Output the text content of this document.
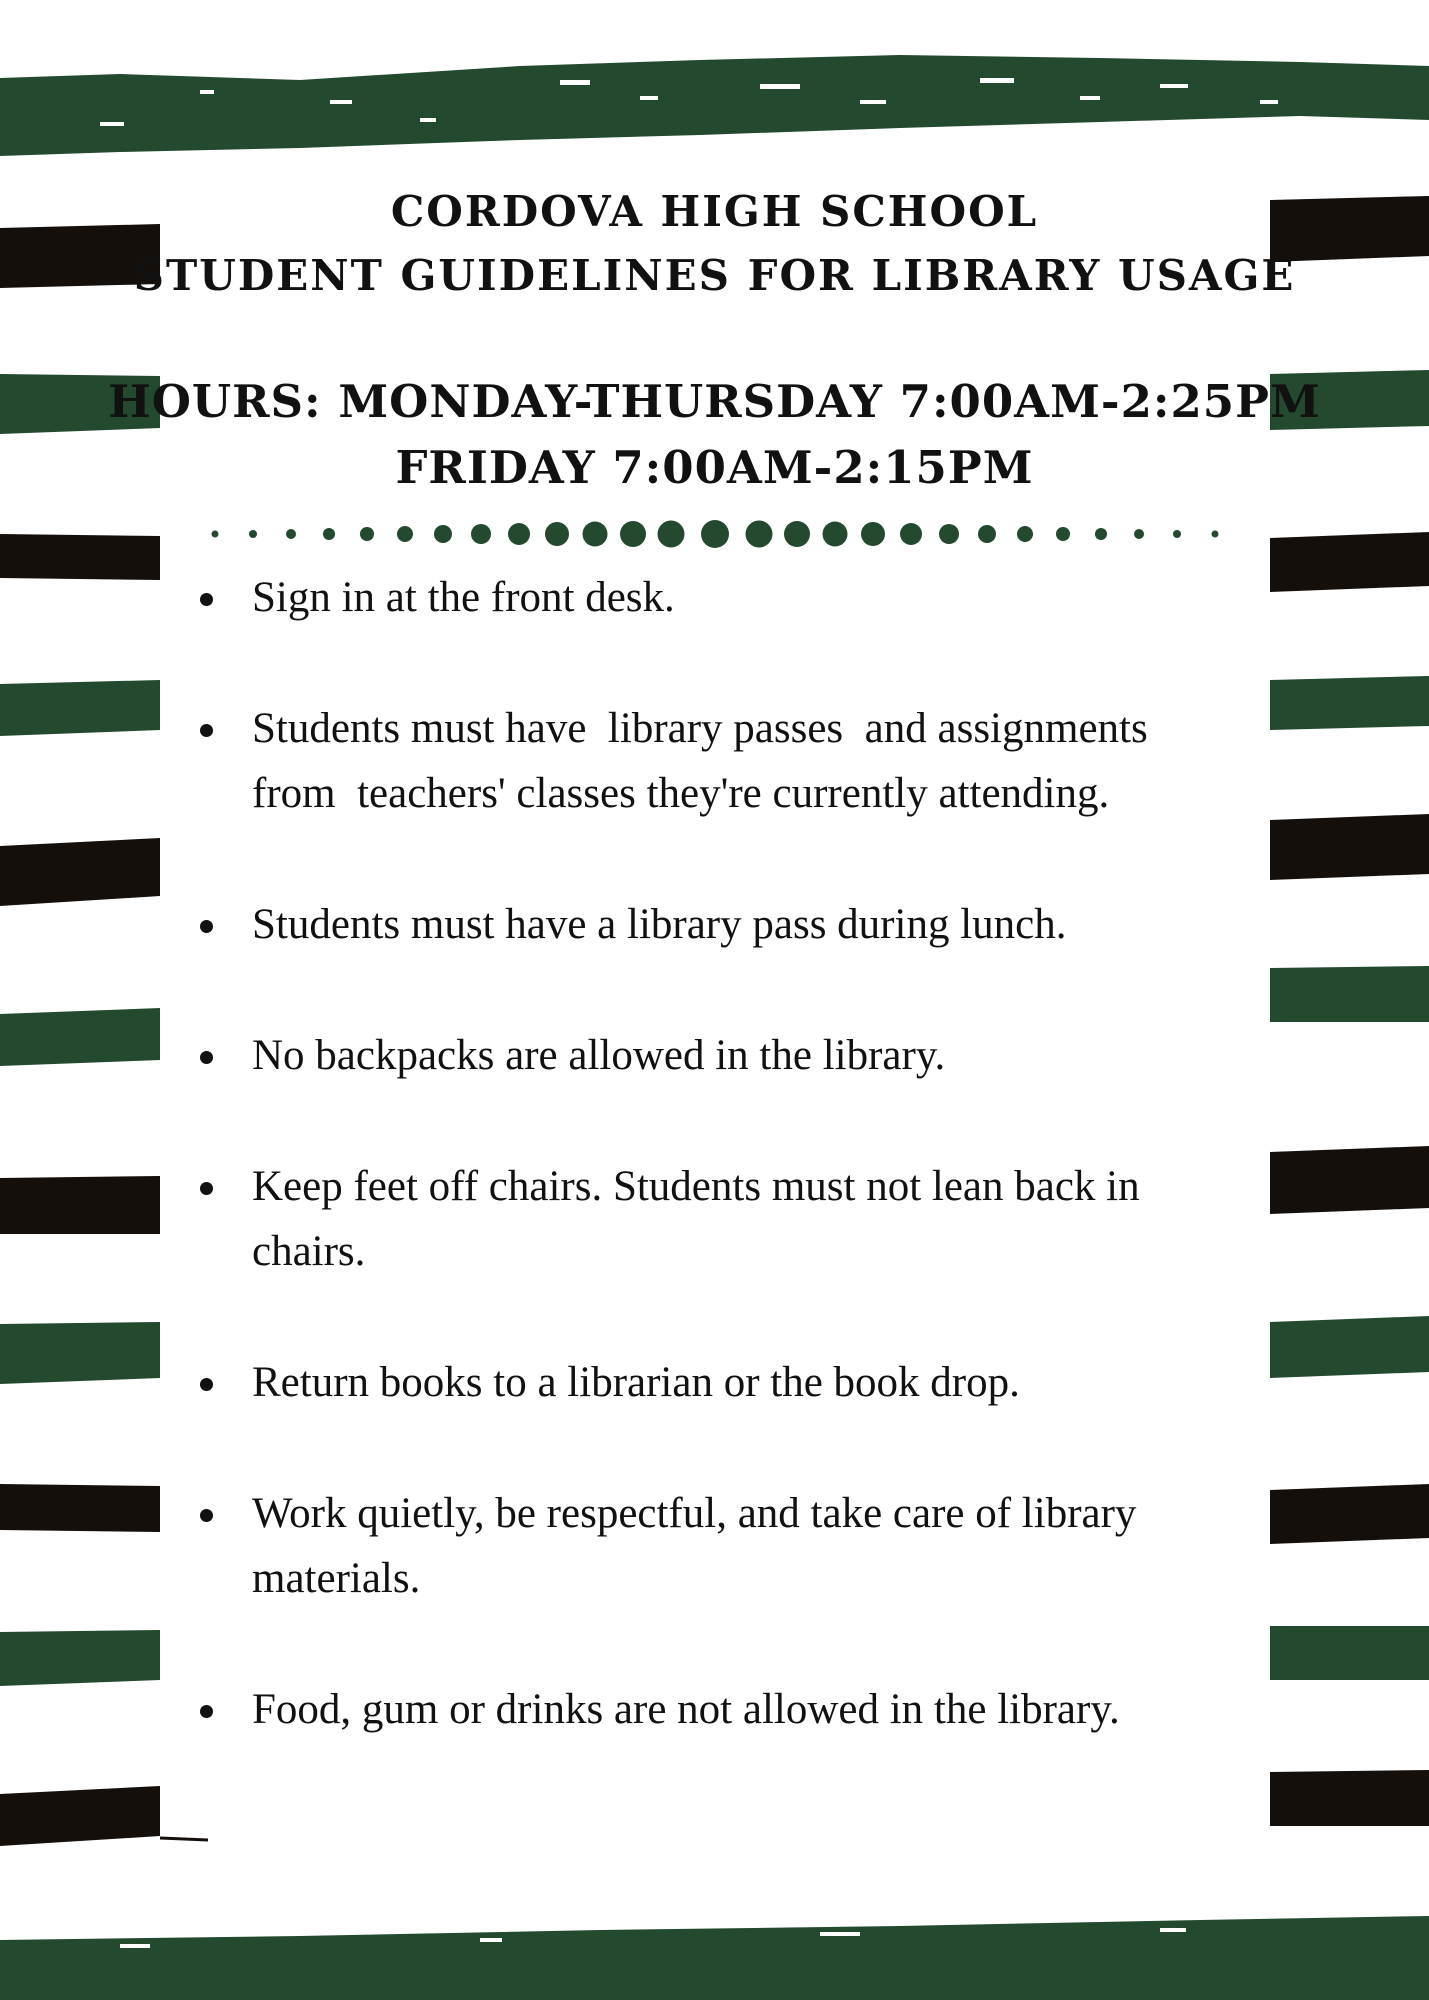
CORDOVA HIGH SCHOOL
STUDENT GUIDELINES FOR LIBRARY USAGE
HOURS: MONDAY-THURSDAY 7:00AM-2:25PM
FRIDAY 7:00AM-2:15PM
Sign in at the front desk.
Students must have  library passes  and assignments from  teachers' classes they're currently attending.
Students must have a library pass during lunch.
No backpacks are allowed in the library.
Keep feet off chairs. Students must not lean back in chairs.
Return books to a librarian or the book drop.
Work quietly, be respectful, and take care of library materials.
Food, gum or drinks are not allowed in the library.
